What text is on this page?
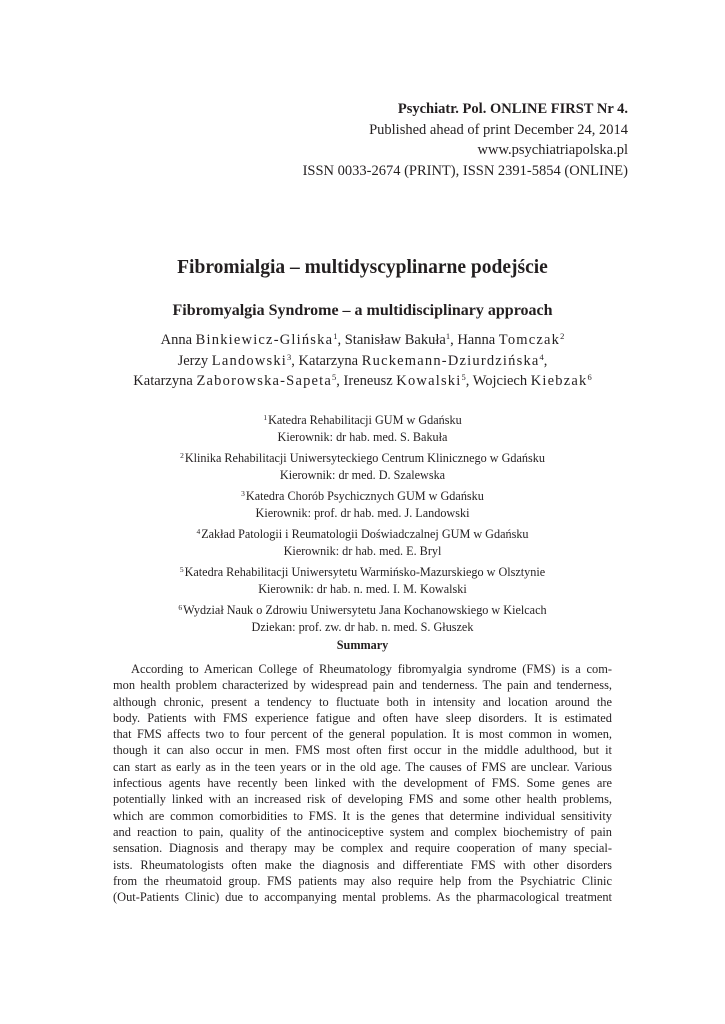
Psychiatr. Pol. ONLINE FIRST Nr 4.
Published ahead of print December 24, 2014
www.psychiatriapolska.pl
ISSN 0033-2674 (PRINT), ISSN 2391-5854 (ONLINE)
Fibromialgia – multidyscyplinarne podejście
Fibromyalgia Syndrome – a multidisciplinary approach
Anna Binkiewicz-Glińska$^1$, Stanisław Bakuła$^1$, Hanna Tomczak$^2$
Jerzy Landowski$^3$, Katarzyna Ruckemann-Dziurdzińska$^4$,
Katarzyna Zaborowska-Sapeta$^5$, Ireneusz Kowalski$^5$, Wojciech Kiebzak$^6$
$^1$Katedra Rehabilitacji GUM w Gdańsku
Kierownik: dr hab. med. S. Bakuła
$^2$Klinika Rehabilitacji Uniwersyteckiego Centrum Klinicznego w Gdańsku
Kierownik: dr med. D. Szalewska
$^3$Katedra Chorób Psychicznych GUM w Gdańsku
Kierownik: prof. dr hab. med. J. Landowski
$^4$Zakład Patologii i Reumatologii Doświadczalnej GUM w Gdańsku
Kierownik: dr hab. med. E. Bryl
$^5$Katedra Rehabilitacji Uniwersytetu Warmińsko-Mazurskiego w Olsztynie
Kierownik: dr hab. n. med. I. M. Kowalski
$^6$Wydział Nauk o Zdrowiu Uniwersytetu Jana Kochanowskiego w Kielcach
Dziekan: prof. zw. dr hab. n. med. S. Głuszek
Summary
According to American College of Rheumatology fibromyalgia syndrome (FMS) is a com-
mon health problem characterized by widespread pain and tenderness. The pain and tenderness,
although chronic, present a tendency to fluctuate both in intensity and location around the
body. Patients with FMS experience fatigue and often have sleep disorders. It is estimated
that FMS affects two to four percent of the general population. It is most common in women,
though it can also occur in men. FMS most often first occur in the middle adulthood, but it
can start as early as in the teen years or in the old age. The causes of FMS are unclear. Various
infectious agents have recently been linked with the development of FMS. Some genes are
potentially linked with an increased risk of developing FMS and some other health problems,
which are common comorbidities to FMS. It is the genes that determine individual sensitivity
and reaction to pain, quality of the antinociceptive system and complex biochemistry of pain
sensation. Diagnosis and therapy may be complex and require cooperation of many special-
ists. Rheumatologists often make the diagnosis and differentiate FMS with other disorders
from the rheumatoid group. FMS patients may also require help from the Psychiatric Clinic
(Out-Patients Clinic) due to accompanying mental problems. As the pharmacological treatment
